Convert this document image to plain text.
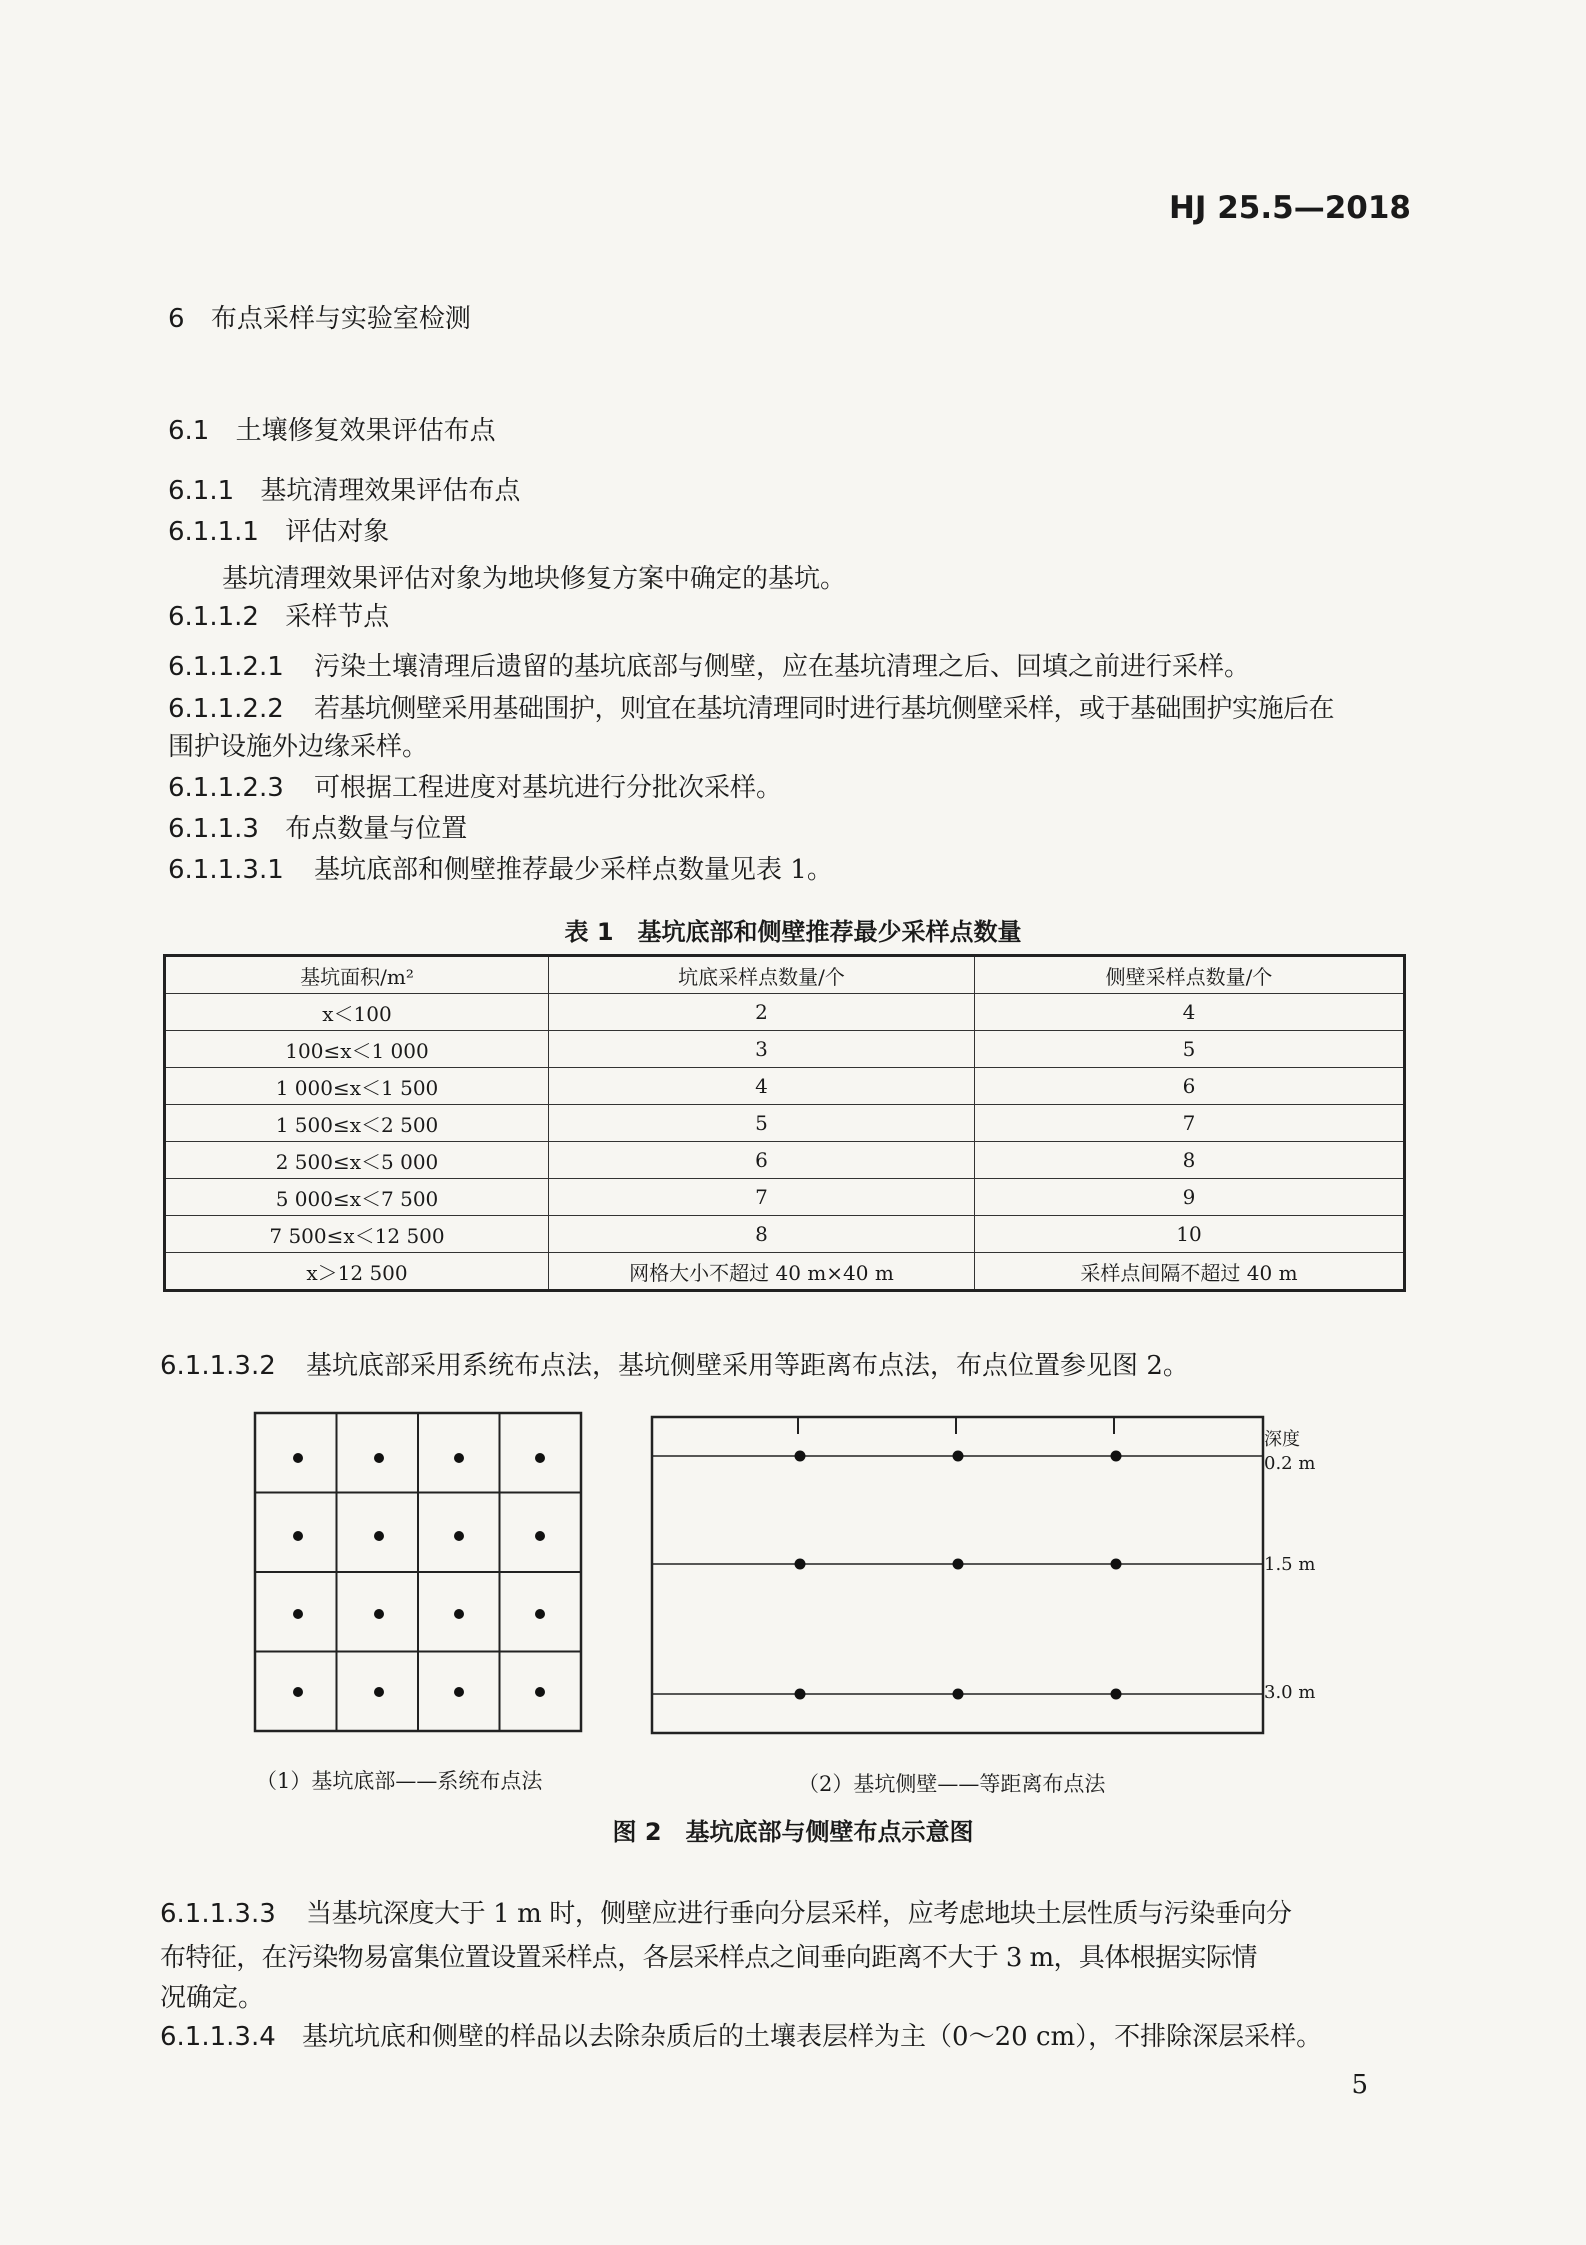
HJ 25.5—2018
6 布点采样与实验室检测
6.1 土壤修复效果评估布点
6.1.1 基坑清理效果评估布点
6.1.1.1 评估对象
基坑清理效果评估对象为地块修复方案中确定的基坑。
6.1.1.2 采样节点
6.1.1.2.1 污染土壤清理后遗留的基坑底部与侧壁，应在基坑清理之后、回填之前进行采样。
6.1.1.2.2 若基坑侧壁采用基础围护，则宜在基坑清理同时进行基坑侧壁采样，或于基础围护实施后在
围护设施外边缘采样。
6.1.1.2.3 可根据工程进度对基坑进行分批次采样。
6.1.1.3 布点数量与位置
6.1.1.3.1 基坑底部和侧壁推荐最少采样点数量见表 1。
表 1　基坑底部和侧壁推荐最少采样点数量
基坑面积/m²	坑底采样点数量/个	侧壁采样点数量/个
x＜100	2	4
100≤x＜1 000	3	5
1 000≤x＜1 500	4	6
1 500≤x＜2 500	5	7
2 500≤x＜5 000	6	8
5 000≤x＜7 500	7	9
7 500≤x＜12 500	8	10
x＞12 500	网格大小不超过 40 m×40 m	采样点间隔不超过 40 m
6.1.1.3.2 基坑底部采用系统布点法，基坑侧壁采用等距离布点法，布点位置参见图 2。
深度
0.2 m
1.5 m
3.0 m
（1）基坑底部——系统布点法	（2）基坑侧壁——等距离布点法
图 2　基坑底部与侧壁布点示意图
6.1.1.3.3 当基坑深度大于 1 m 时，侧壁应进行垂向分层采样，应考虑地块土层性质与污染垂向分
布特征，在污染物易富集位置设置采样点，各层采样点之间垂向距离不大于 3 m，具体根据实际情
况确定。
6.1.1.3.4 基坑坑底和侧壁的样品以去除杂质后的土壤表层样为主（0～20 cm），不排除深层采样。
5
